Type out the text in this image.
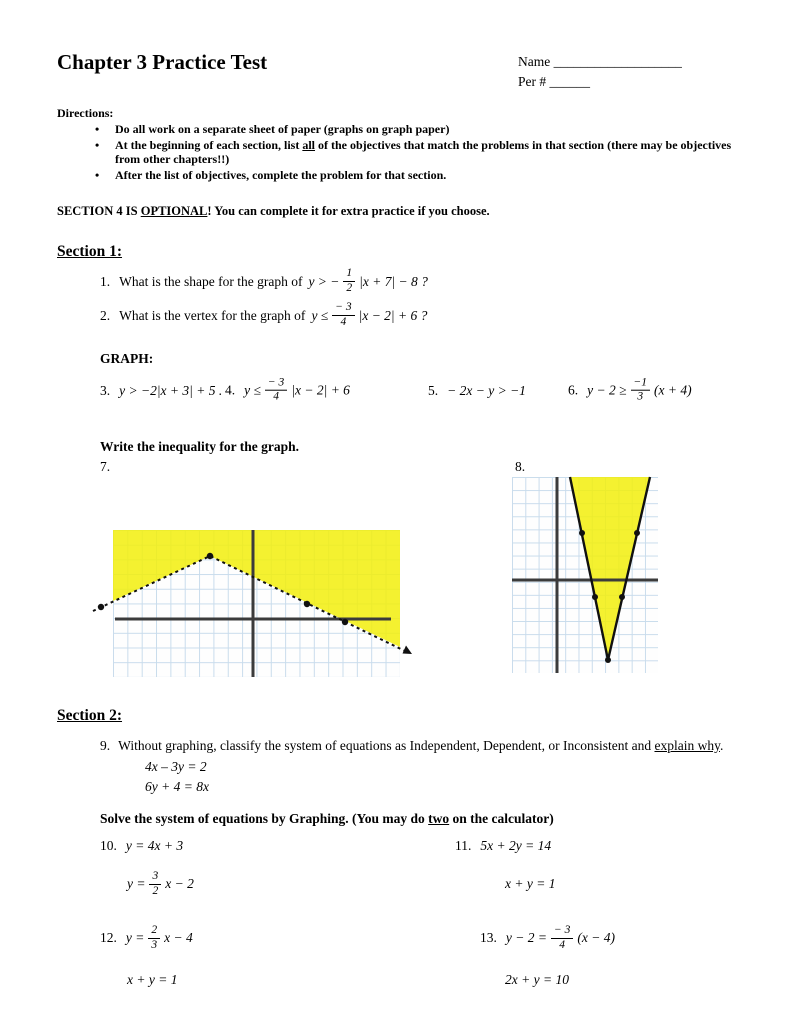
Chapter 3 Practice Test	Name ___________________
Per # ______
Directions:
• Do all work on a separate sheet of paper (graphs on graph paper)
• At the beginning of each section, list all of the objectives that match the problems in that section (there may be objectives from other chapters!!)
• After the list of objectives, complete the problem for that section.

SECTION 4 IS OPTIONAL! You can complete it for extra practice if you choose.

Section 1:
1. What is the shape for the graph of y > − $\frac{1}{2} |x + 7| - 8$ ?
2. What is the vertex for the graph of $y \le \frac{- 3}{4} |x - 2| + 6$ ?
GRAPH:
3. y > −2|x + 3| + 5 . 4. $y \le \frac{- 3}{4} |x - 2| + 6$	5. − 2x − y > −1	6. $y - 2 \ge \frac{-1}{3} (x + 4)$
Write the inequality for the graph.
7.	8.
Section 2:

9. Without graphing, classify the system of equations as Independent, Dependent, or Inconsistent and explain why.

4x – 3y = 2
6y + 4 = 8x

Solve the system of equations by Graphing. (You may do two on the calculator)

10. y = 4x + 3	11. 5x + 2y = 14
$y = \frac{3}{2}$ x − 2	x + y = 1
12. $y = \frac{2}{3}$ x − 4	13. $y - 2 = \frac{- 3}{4} (x - 4)$
x + y = 1	2x + y = 10
